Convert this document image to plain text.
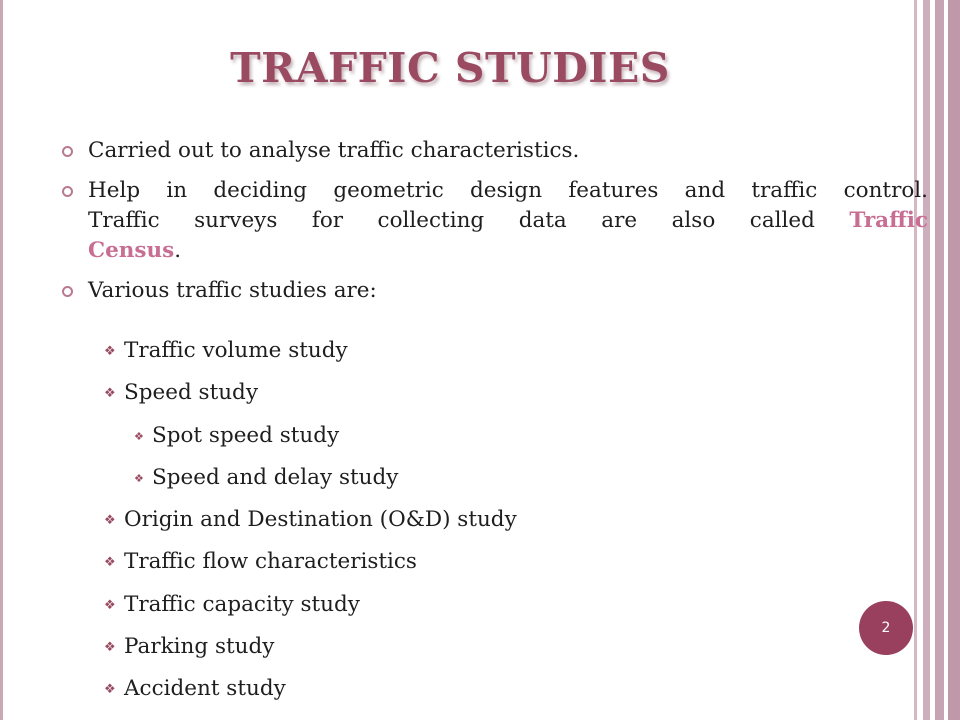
TRAFFIC STUDIES
Carried out to analyse traffic characteristics.
Help in deciding geometric design features and traffic control.
Traffic surveys for collecting data are also called Traffic
Census.
Various traffic studies are:
❖ Traffic volume study
❖ Speed study
❖ Spot speed study
❖ Speed and delay study
❖ Origin and Destination (O&D) study
❖ Traffic flow characteristics
❖ Traffic capacity study
❖ Parking study
❖ Accident study
2
